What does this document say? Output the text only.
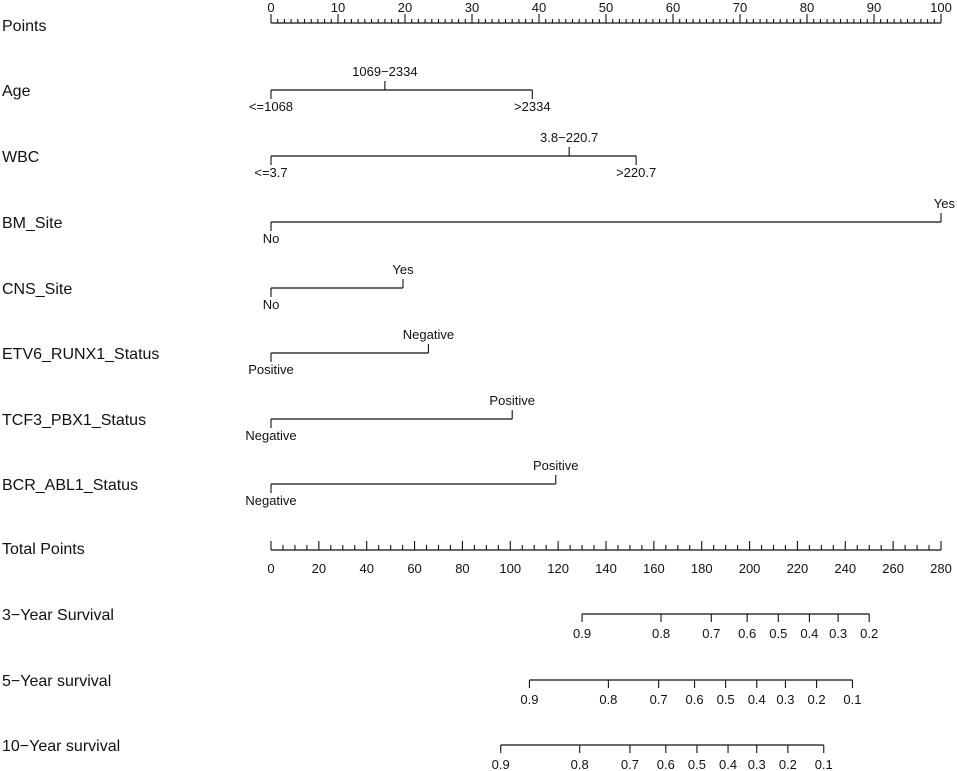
Points
0	10	20	30	40	50	60	70	80	90	100
Age
<=1068
1069−2334
>2334
WBC
<=3.7
3.8−220.7
>220.7
BM_Site
No
Yes
CNS_Site
No
Yes
ETV6_RUNX1_Status
Positive
Negative
TCF3_PBX1_Status
Negative
Positive
BCR_ABL1_Status
Negative
Positive
Total Points
0	20	40	60	80 100 120 140 160 180 200 220 240 260 280
3−Year Survival
0.9	0.8 0.7 0.6 0.5 0.4 0.3 0.2
5−Year survival
0.9	0.8 0.7 0.6 0.5 0.4 0.3 0.2 0.1
10−Year survival
0.9	0.8 0.7 0.6 0.5 0.4 0.3 0.2 0.1
